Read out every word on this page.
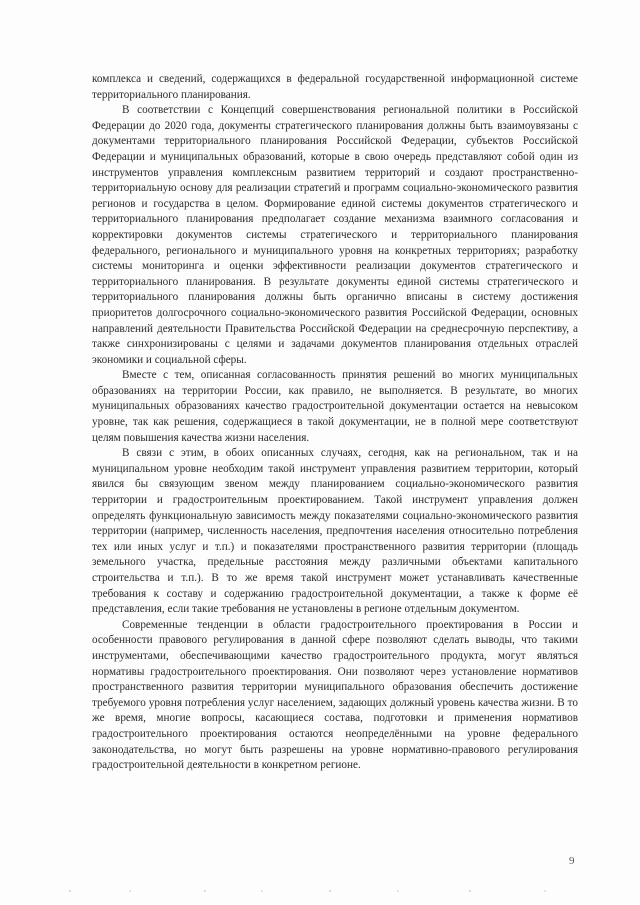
комплекса и сведений, содержащихся в федеральной государственной информационной системе территориального планирования.

В соответствии с Концепций совершенствования региональной политики в Российской Федерации до 2020 года, документы стратегического планирования должны быть взаимоувязаны с документами территориального планирования Российской Федерации, субъектов Российской Федерации и муниципальных образований, которые в свою очередь представляют собой один из инструментов управления комплексным развитием территорий и создают пространственно-территориальную основу для реализации стратегий и программ социально-экономического развития регионов и государства в целом. Формирование единой системы документов стратегического и территориального планирования предполагает создание механизма взаимного согласования и корректировки документов системы стратегического и территориального планирования федерального, регионального и муниципального уровня на конкретных территориях; разработку системы мониторинга и оценки эффективности реализации документов стратегического и территориального планирования. В результате документы единой системы стратегического и территориального планирования должны быть органично вписаны в систему достижения приоритетов долгосрочного социально-экономического развития Российской Федерации, основных направлений деятельности Правительства Российской Федерации на среднесрочную перспективу, а также синхронизированы с целями и задачами документов планирования отдельных отраслей экономики и социальной сферы.

Вместе с тем, описанная согласованность принятия решений во многих муниципальных образованиях на территории России, как правило, не выполняется. В результате, во многих муниципальных образованиях качество градостроительной документации остается на невысоком уровне, так как решения, содержащиеся в такой документации, не в полной мере соответствуют целям повышения качества жизни населения.

В связи с этим, в обоих описанных случаях, сегодня, как на региональном, так и на муниципальном уровне необходим такой инструмент управления развитием территории, который явился бы связующим звеном между планированием социально-экономического развития территории и градостроительным проектированием. Такой инструмент управления должен определять функциональную зависимость между показателями социально-экономического развития территории (например, численность населения, предпочтения населения относительно потребления тех или иных услуг и т.п.) и показателями пространственного развития территории (площадь земельного участка, предельные расстояния между различными объектами капитального строительства и т.п.). В то же время такой инструмент может устанавливать качественные требования к составу и содержанию градостроительной документации, а также к форме её представления, если такие требования не установлены в регионе отдельным документом.

Современные тенденции в области градостроительного проектирования в России и особенности правового регулирования в данной сфере позволяют сделать выводы, что такими инструментами, обеспечивающими качество градостроительного продукта, могут являться нормативы градостроительного проектирования. Они позволяют через установление нормативов пространственного развития территории муниципального образования обеспечить достижение требуемого уровня потребления услуг населением, задающих должный уровень качества жизни. В то же время, многие вопросы, касающиеся состава, подготовки и применения нормативов градостроительного проектирования остаются неопределёнными на уровне федерального законодательства, но могут быть разрешены на уровне нормативно-правового регулирования градостроительной деятельности в конкретном регионе.

9
